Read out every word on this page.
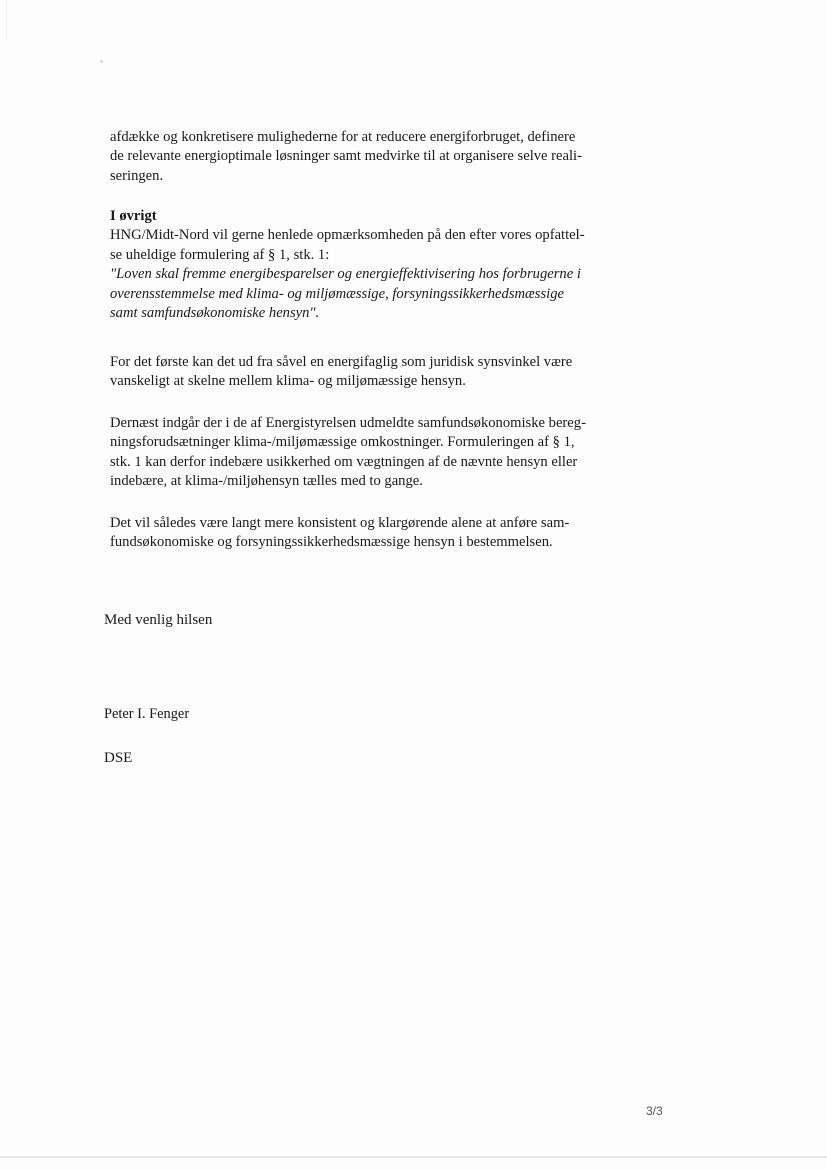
afdække og konkretisere mulighederne for at reducere energiforbruget, definere
de relevante energioptimale løsninger samt medvirke til at organisere selve reali-
seringen.
I øvrigt
HNG/Midt-Nord vil gerne henlede opmærksomheden på den efter vores opfattel-
se uheldige formulering af § 1, stk. 1:
"Loven skal fremme energibesparelser og energieffektivisering hos forbrugerne i
overensstemmelse med klima- og miljømæssige, forsyningssikkerhedsmæssige
samt samfundsøkonomiske hensyn".
For det første kan det ud fra såvel en energifaglig som juridisk synsvinkel være
vanskeligt at skelne mellem klima- og miljømæssige hensyn.
Dernæst indgår der i de af Energistyrelsen udmeldte samfundsøkonomiske bereg-
ningsforudsætninger klima-/miljømæssige omkostninger. Formuleringen af § 1,
stk. 1 kan derfor indebære usikkerhed om vægtningen af de nævnte hensyn eller
indebære, at klima-/miljøhensyn tælles med to gange.
Det vil således være langt mere konsistent og klargørende alene at anføre sam-
fundsøkonomiske og forsyningssikkerhedsmæssige hensyn i bestemmelsen.
Med venlig hilsen
Peter I. Fenger
DSE
3/3
